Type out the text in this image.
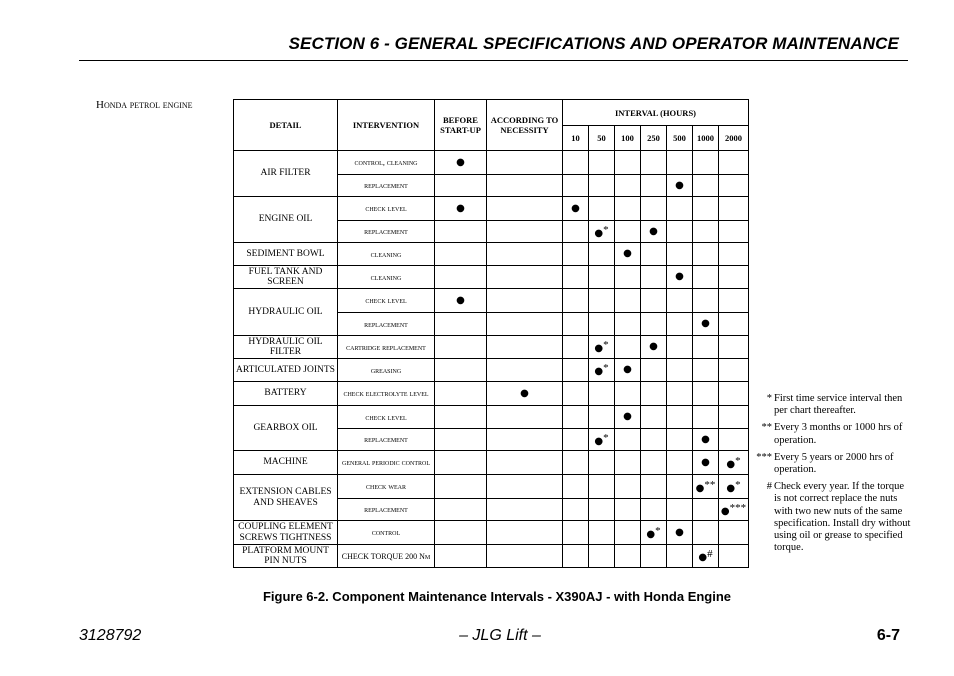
SECTION 6 - GENERAL SPECIFICATIONS AND OPERATOR MAINTENANCE
Honda petrol engine
DETAIL	INTERVENTION	BEFORE START-UP	ACCORDING TO NECESSITY	INTERVAL (HOURS)						
				10	50	100	250	500	1000	2000
AIR FILTER	control, cleaning	●								
	replacement							●		
ENGINE OIL	check level	●		●						
	replacement				●*		●			
SEDIMENT BOWL	cleaning					●				
FUEL TANK AND SCREEN	cleaning							●		
HYDRAULIC OIL	check level	●								
	replacement								●	
HYDRAULIC OIL FILTER	cartridge replacement				●*		●			
ARTICULATED JOINTS	greasing				●*	●				
BATTERY	check electrolyte level		●							
GEARBOX OIL	check level					●				
	replacement				●*				●	
MACHINE	general periodic control								●	●*
EXTENSION CABLES AND SHEAVES	check wear								●**	●*
	replacement									●***
COUPLING ELEMENT SCREWS TIGHTNESS	control						●*	●		
PLATFORM MOUNT PIN NUTS	CHECK TORQUE 200 Nm								●#	
* First time service interval then per chart thereafter.
** Every 3 months or 1000 hrs of operation.
*** Every 5 years or 2000 hrs of operation.
# Check every year. If the torque is not correct replace the nuts with two new nuts of the same specification. Install dry without using oil or grease to specified torque.
Figure 6-2. Component Maintenance Intervals - X390AJ - with Honda Engine
3128792	– JLG Lift –	6-7
